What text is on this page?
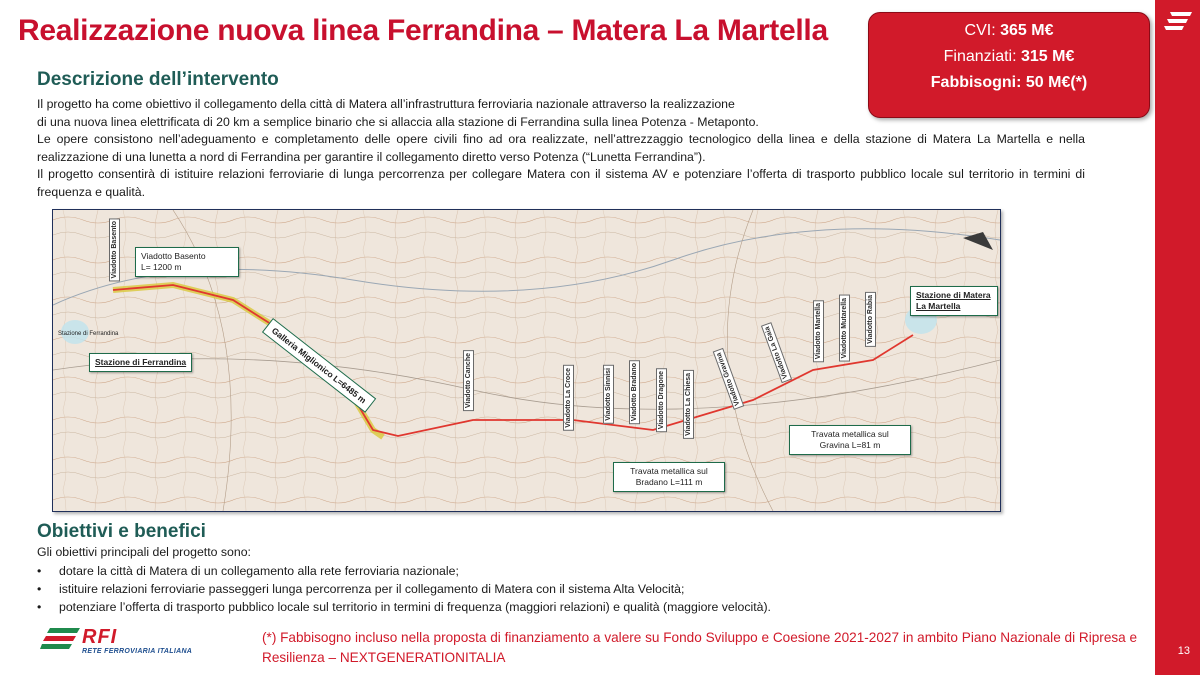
Realizzazione nuova linea Ferrandina – Matera La Martella
13
CVI: 365 M€
Finanziati: 315 M€
Fabbisogni: 50 M€(*)
Descrizione dell’intervento

Il progetto ha come obiettivo il collegamento della città di Matera all’infrastruttura ferroviaria nazionale attraverso la realizzazione

di una nuova linea elettrificata di 20 km a semplice binario che si allaccia alla stazione di Ferrandina sulla linea Potenza - Metaponto.

Le opere consistono nell’adeguamento e completamento delle opere civili fino ad ora realizzate, nell’attrezzaggio tecnologico della linea e della stazione di Matera La Martella e nella realizzazione di una lunetta a nord di Ferrandina per garantire il collegamento diretto verso Potenza (“Lunetta Ferrandina”).

Il progetto consentirà di istituire relazioni ferroviarie di lunga percorrenza per collegare Matera con il sistema AV e potenziare l’offerta di trasporto pubblico locale sul territorio in termini di frequenza e qualità.

Viadotto Basento
L= 1200 m
Stazione di Ferrandina
Stazione di Matera La Martella
Galleria Miglionico L=6485 m
Travata metallica sul
Gravina L=81 m
Travata metallica sul
Bradano L=111 m
Stazione di Ferrandina
Viadotto Basento
Viadotto Canche	Viadotto La Croce	Viadotto Sinnisi	Viadotto Bradano	Viadotto Dragone	Viadotto La Chiesa	Viadotto Gravina	Viadotto La Gaia	Viadotto Martella	Viadotto Mutarella	Viadotto Rabia
Obiettivi e benefici

Gli obiettivi principali del progetto sono:

• dotare la città di Matera di un collegamento alla rete ferroviaria nazionale;
• istituire relazioni ferroviarie passeggeri lunga percorrenza per il collegamento di Matera con il sistema Alta Velocità;
• potenziare l’offerta di trasporto pubblico locale sul territorio in termini di frequenza (maggiori relazioni) e qualità (maggiore velocità).
RFI
RETE FERROVIARIA ITALIANA

(*) Fabbisogno incluso nella proposta di finanziamento a valere su Fondo Sviluppo e Coesione 2021-2027 in ambito Piano Nazionale di Ripresa e Resilienza – NEXTGENERATIONITALIA
